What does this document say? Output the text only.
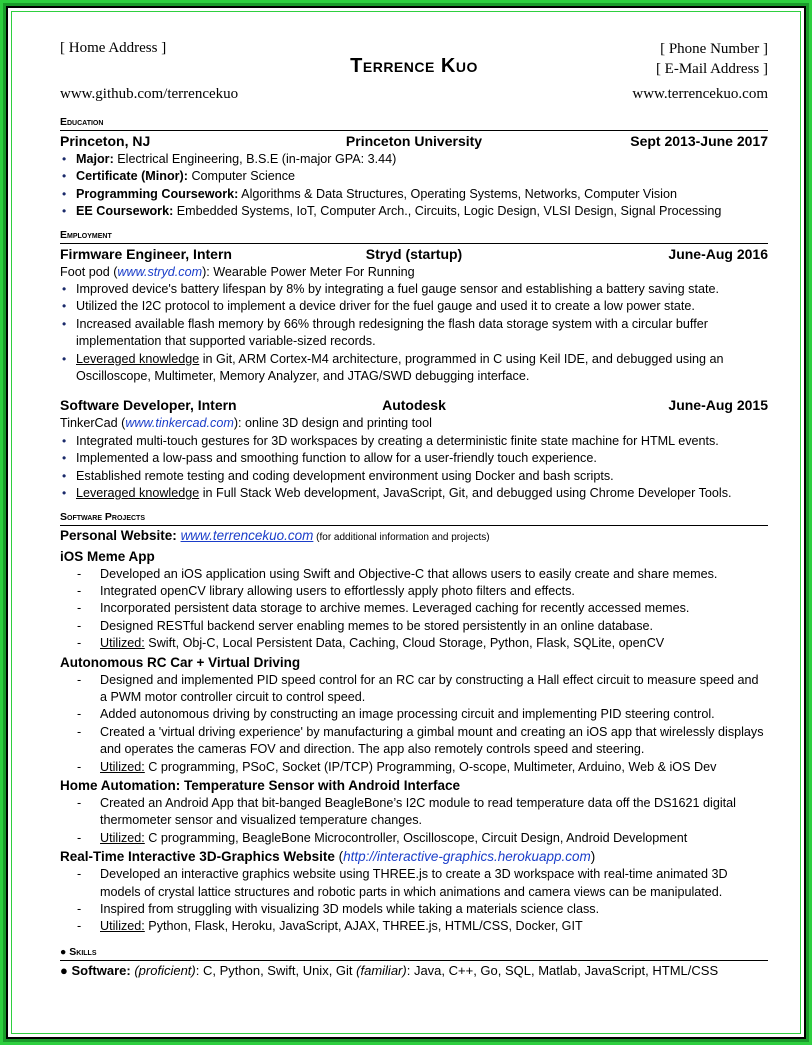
[ Home Address ]
www.github.com/terrencekuo
Terrence Kuo
[ Phone Number ]
[ E-Mail Address ]
www.terrencekuo.com
Education
Princeton, NJ	Princeton University	Sept 2013-June 2017
• Major: Electrical Engineering, B.S.E (in-major GPA: 3.44)
• Certificate (Minor): Computer Science
• Programming Coursework: Algorithms & Data Structures, Operating Systems, Networks, Computer Vision
• EE Coursework: Embedded Systems, IoT, Computer Arch., Circuits, Logic Design, VLSI Design, Signal Processing
Employment
Firmware Engineer, Intern	Stryd (startup)	June-Aug 2016
Foot pod (www.stryd.com): Wearable Power Meter For Running
• Improved device's battery lifespan by 8% by integrating a fuel gauge sensor and establishing a battery saving state.
• Utilized the I2C protocol to implement a device driver for the fuel gauge and used it to create a low power state.
• Increased available flash memory by 66% through redesigning the flash data storage system with a circular buffer implementation that supported variable-sized records.
• Leveraged knowledge in Git, ARM Cortex-M4 architecture, programmed in C using Keil IDE, and debugged using an Oscilloscope, Multimeter, Memory Analyzer, and JTAG/SWD debugging interface.
Software Developer, Intern	Autodesk	June-Aug 2015
TinkerCad (www.tinkercad.com): online 3D design and printing tool
• Integrated multi-touch gestures for 3D workspaces by creating a deterministic finite state machine for HTML events.
• Implemented a low-pass and smoothing function to allow for a user-friendly touch experience.
• Established remote testing and coding development environment using Docker and bash scripts.
• Leveraged knowledge in Full Stack Web development, JavaScript, Git, and debugged using Chrome Developer Tools.
Software Projects
Personal Website: www.terrencekuo.com (for additional information and projects)
iOS Meme App
- Developed an iOS application using Swift and Objective-C that allows users to easily create and share memes.
- Integrated openCV library allowing users to effortlessly apply photo filters and effects.
- Incorporated persistent data storage to archive memes. Leveraged caching for recently accessed memes.
- Designed RESTful backend server enabling memes to be stored persistently in an online database.
- Utilized: Swift, Obj-C, Local Persistent Data, Caching, Cloud Storage, Python, Flask, SQLite, openCV
Autonomous RC Car + Virtual Driving
- Designed and implemented PID speed control for an RC car by constructing a Hall effect circuit to measure speed and a PWM motor controller circuit to control speed.
- Added autonomous driving by constructing an image processing circuit and implementing PID steering control.
- Created a 'virtual driving experience' by manufacturing a gimbal mount and creating an iOS app that wirelessly displays and operates the cameras FOV and direction. The app also remotely controls speed and steering.
- Utilized: C programming, PSoC, Socket (IP/TCP) Programming, O-scope, Multimeter, Arduino, Web & iOS Dev
Home Automation: Temperature Sensor with Android Interface
- Created an Android App that bit-banged BeagleBone’s I2C module to read temperature data off the DS1621 digital thermometer sensor and visualized temperature changes.
- Utilized: C programming, BeagleBone Microcontroller, Oscilloscope, Circuit Design, Android Development
Real-Time Interactive 3D-Graphics Website (http://interactive-graphics.herokuapp.com)
- Developed an interactive graphics website using THREE.js to create a 3D workspace with real-time animated 3D models of crystal lattice structures and robotic parts in which animations and camera views can be manipulated.
- Inspired from struggling with visualizing 3D models while taking a materials science class.
- Utilized: Python, Flask, Heroku, JavaScript, AJAX, THREE.js, HTML/CSS, Docker, GIT
● Skills
● Software: (proficient): C, Python, Swift, Unix, Git (familiar): Java, C++, Go, SQL, Matlab, JavaScript, HTML/CSS
